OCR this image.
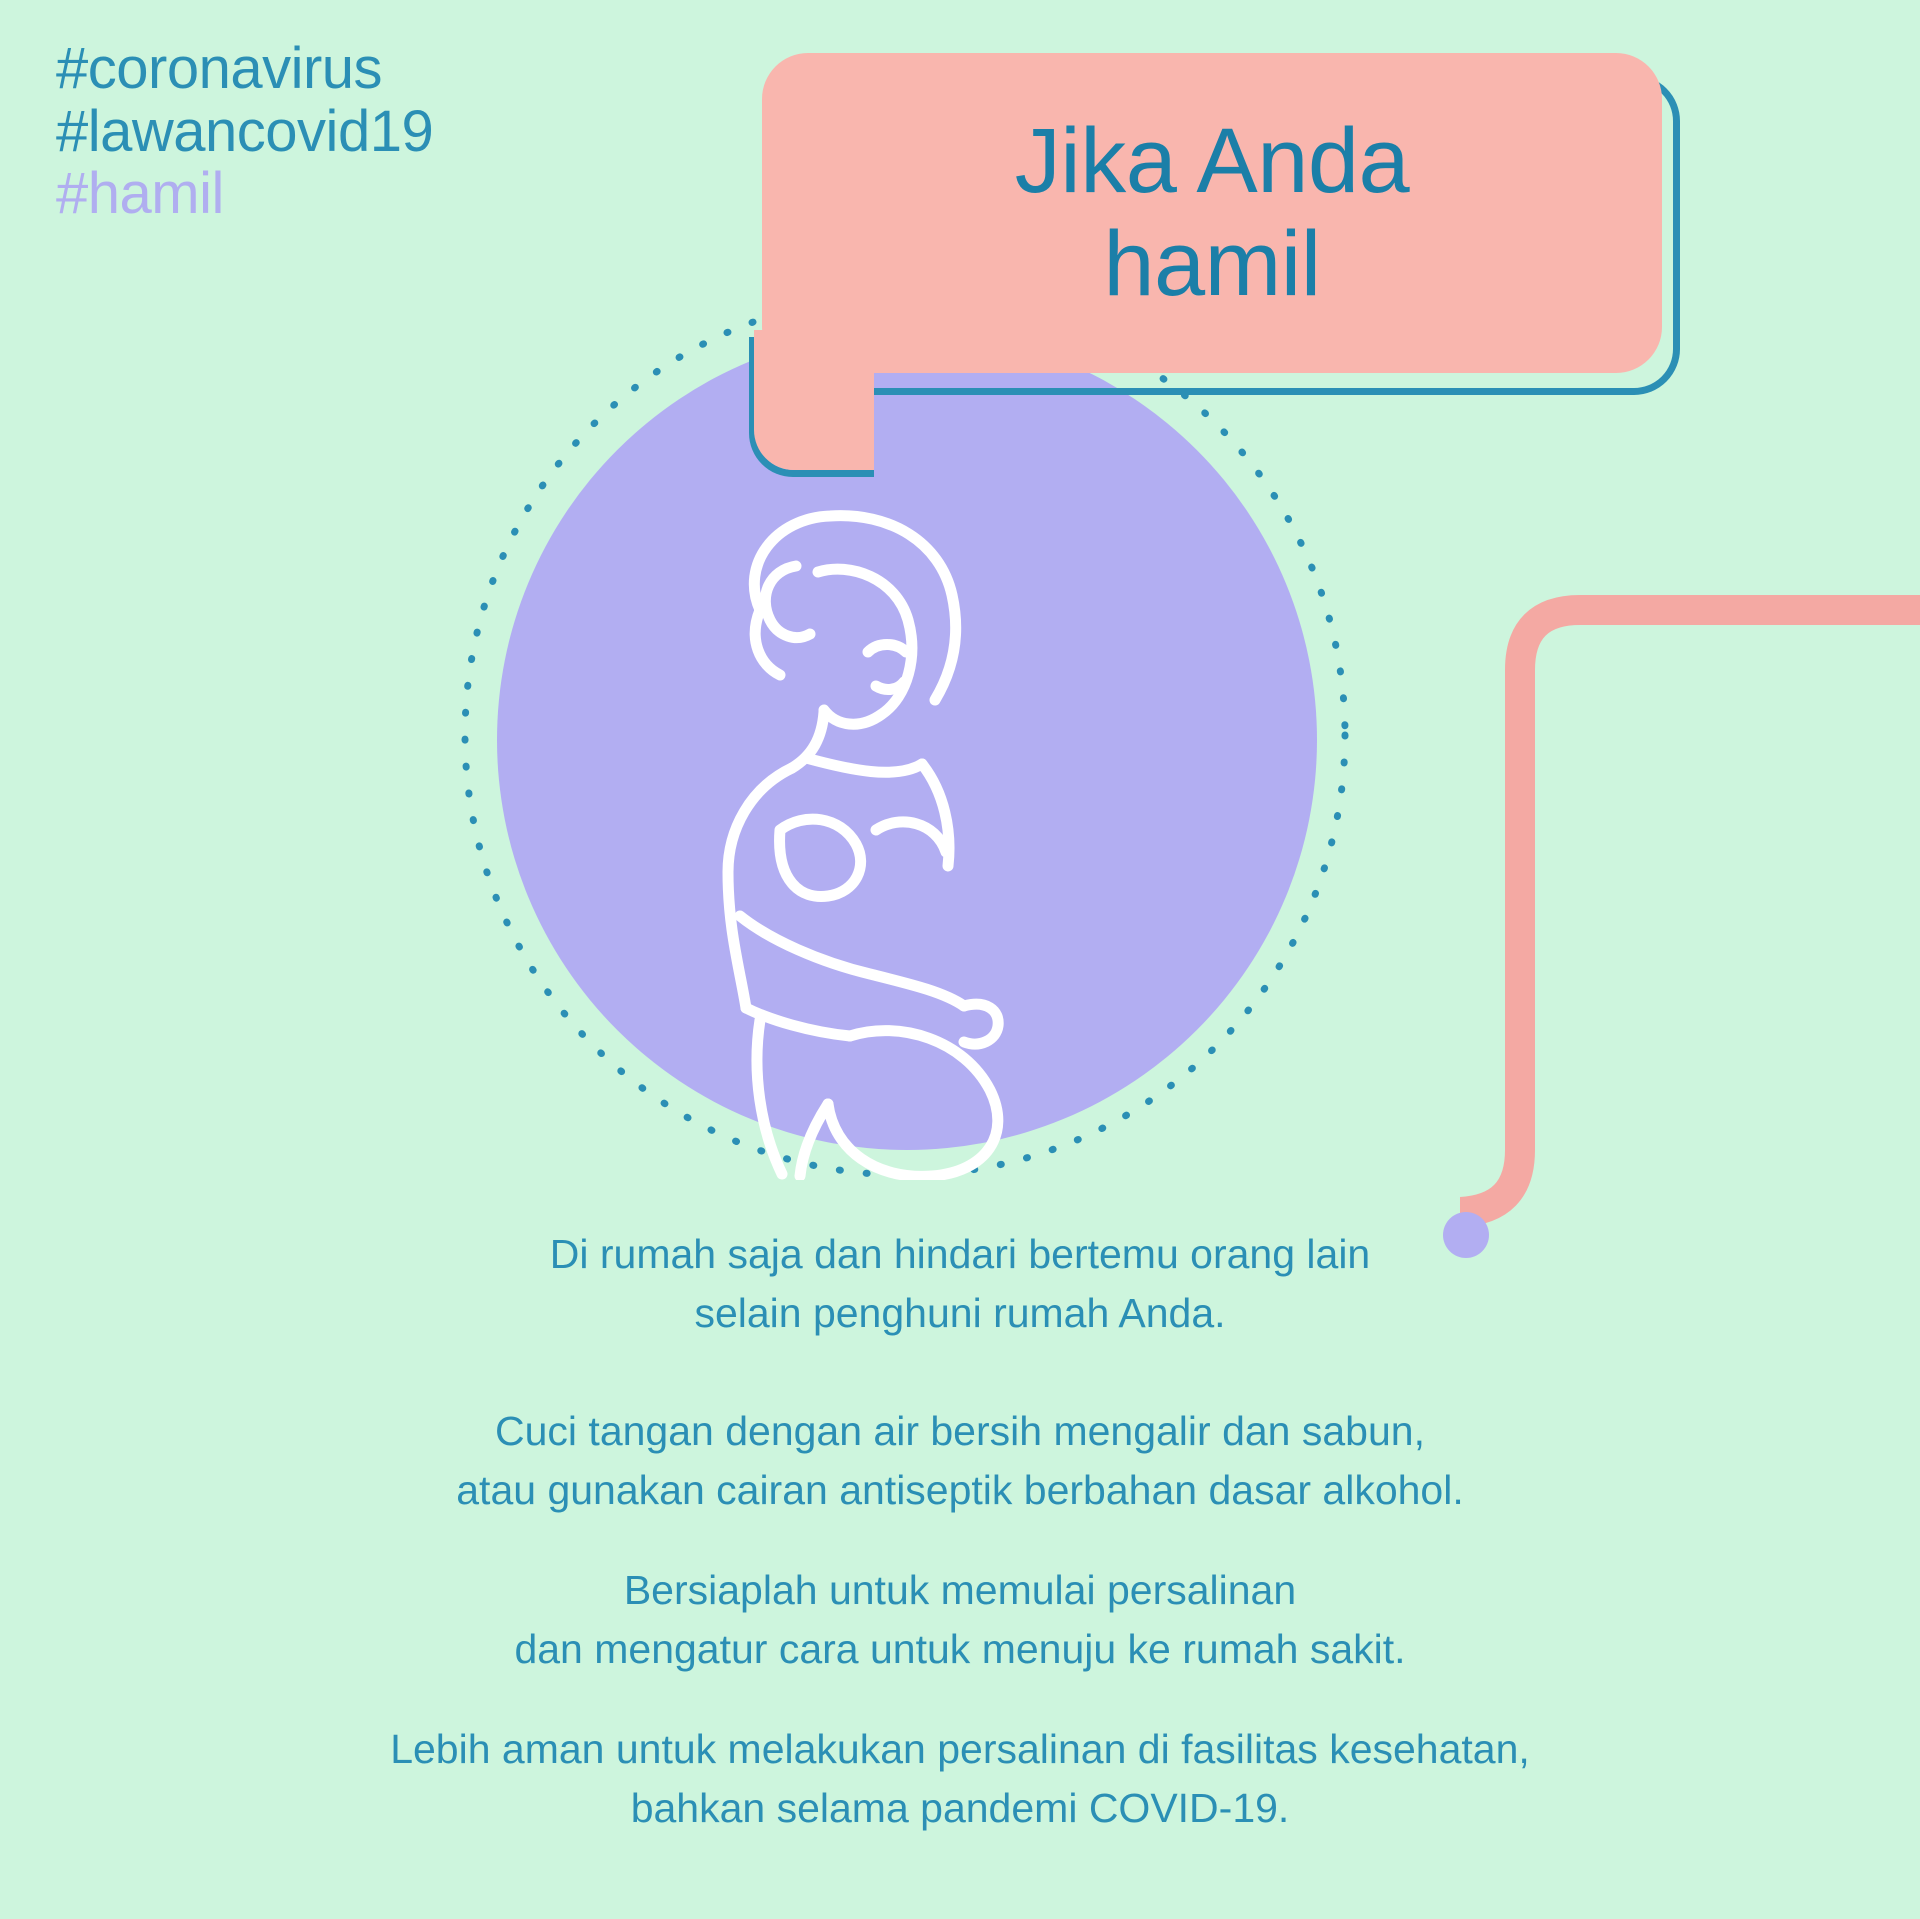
#coronavirus
#lawancovid19
#hamil	Jika Anda
hamil

Di rumah saja dan hindari bertemu orang lain
selain penghuni rumah Anda.

Cuci tangan dengan air bersih mengalir dan sabun,
atau gunakan cairan antiseptik berbahan dasar alkohol.

Bersiaplah untuk memulai persalinan
dan mengatur cara untuk menuju ke rumah sakit.

Lebih aman untuk melakukan persalinan di fasilitas kesehatan,
bahkan selama pandemi COVID-19.
